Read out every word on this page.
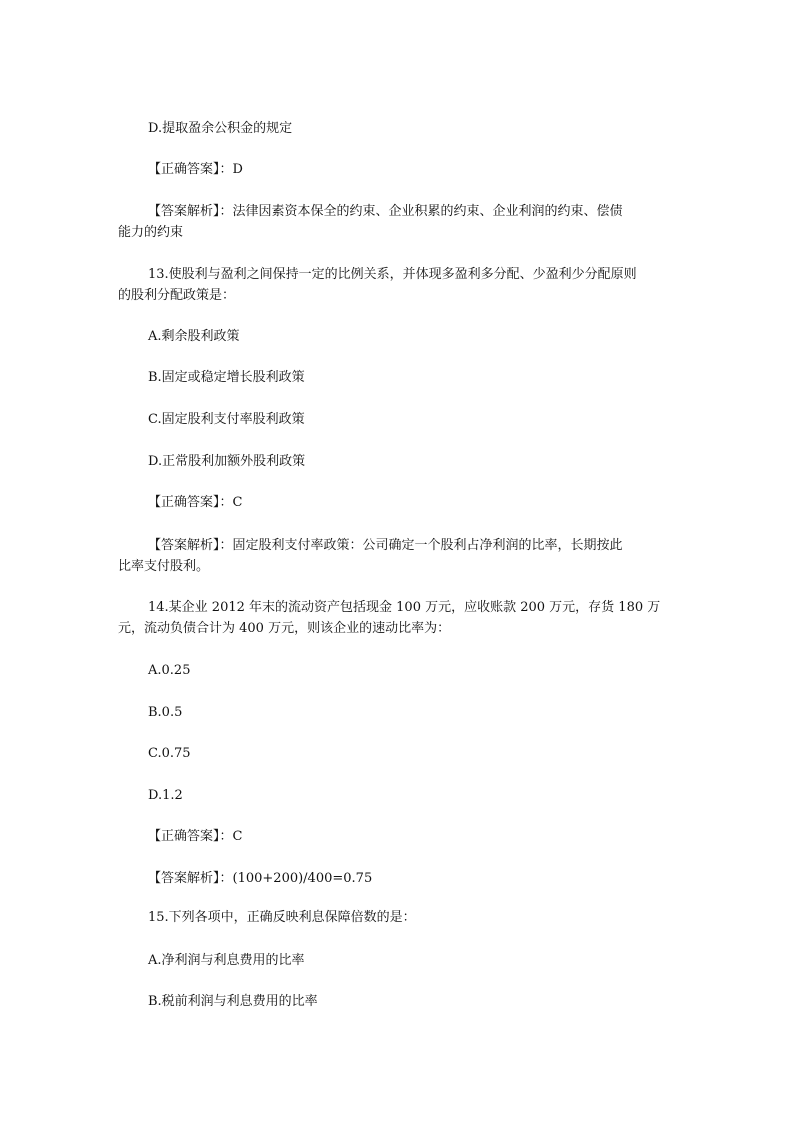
D.提取盈余公积金的规定
【正确答案】：D
【答案解析】：法律因素资本保全的约束、企业积累的约束、企业利润的约束、偿债
能力的约束
13.使股利与盈利之间保持一定的比例关系，并体现多盈利多分配、少盈利少分配原则
的股利分配政策是：
A.剩余股利政策
B.固定或稳定增长股利政策
C.固定股利支付率股利政策
D.正常股利加额外股利政策
【正确答案】：C
【答案解析】：固定股利支付率政策：公司确定一个股利占净利润的比率，长期按此
比率支付股利。
14.某企业 2012 年末的流动资产包括现金 100 万元，应收账款 200 万元，存货 180 万
元，流动负债合计为 400 万元，则该企业的速动比率为：
A.0.25
B.0.5
C.0.75
D.1.2
【正确答案】：C
【答案解析】：(100+200)/400=0.75
15.下列各项中，正确反映利息保障倍数的是：
A.净利润与利息费用的比率
B.税前利润与利息费用的比率
